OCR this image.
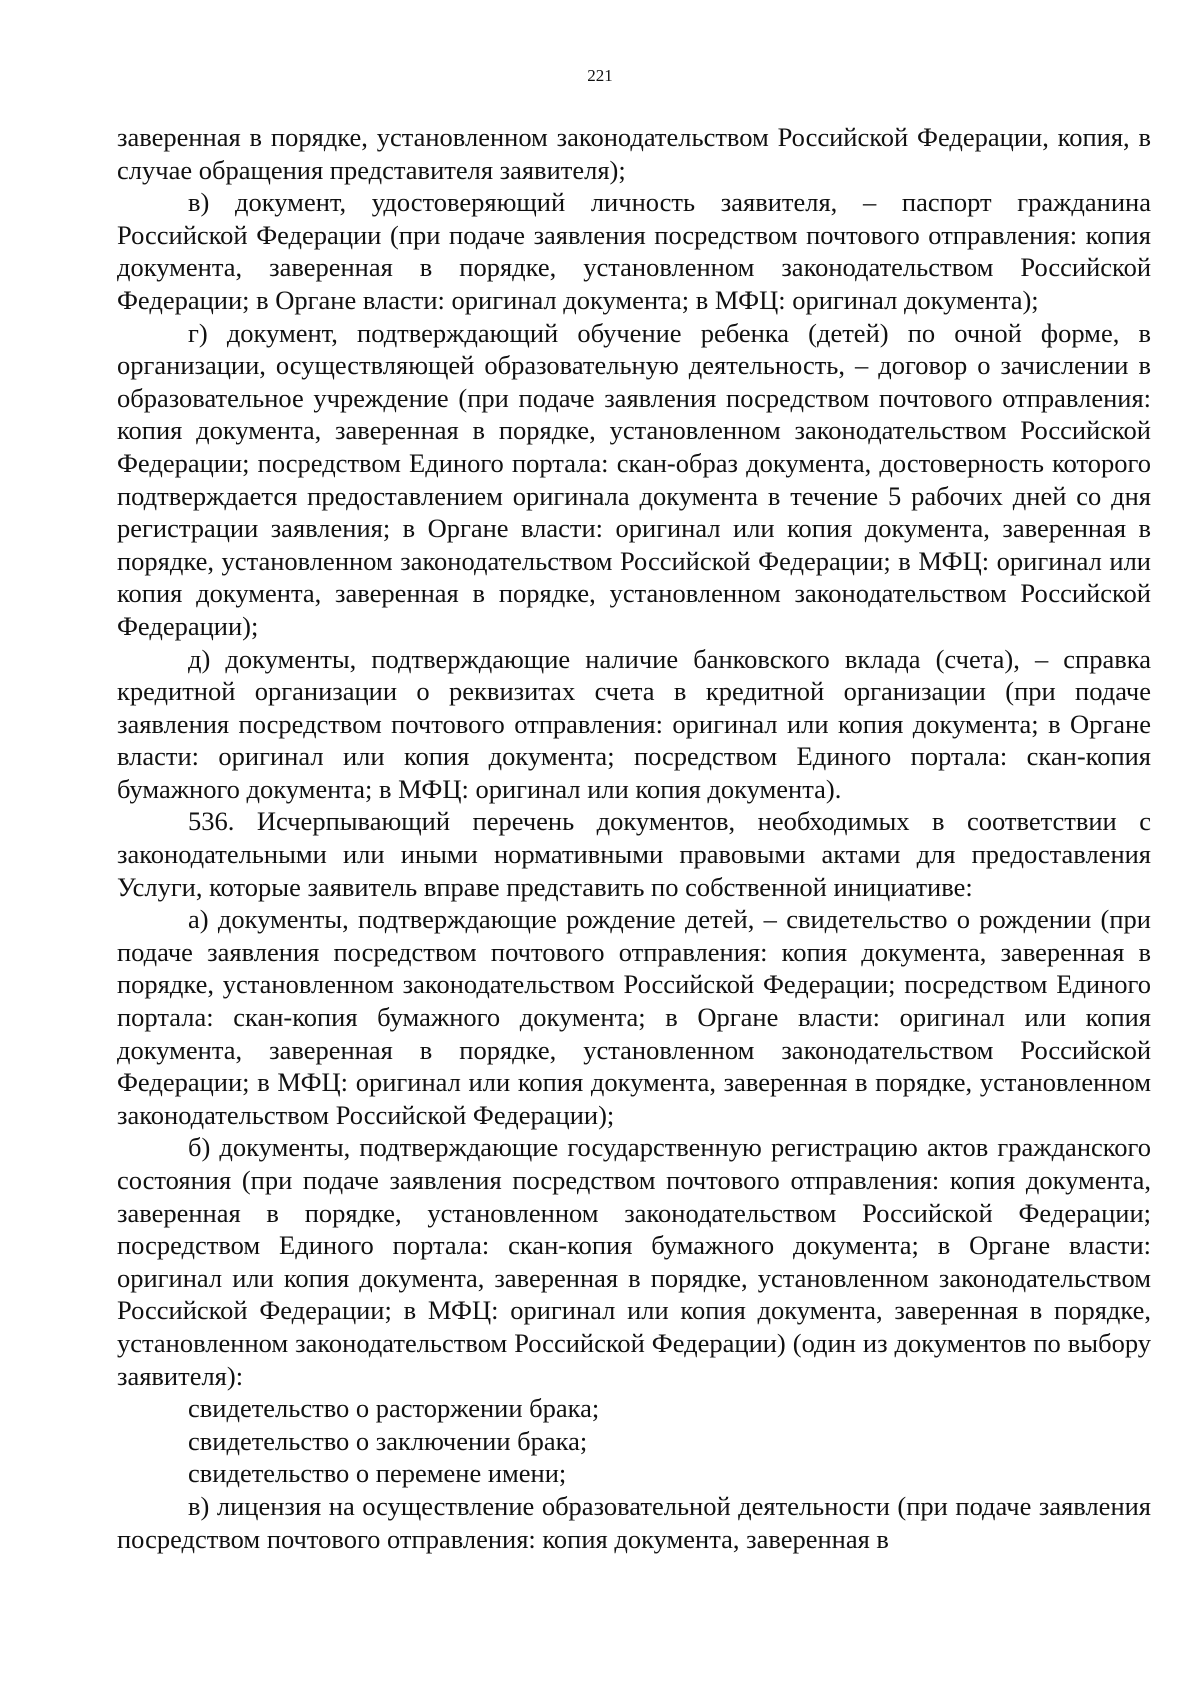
221

заверенная в порядке, установленном законодательством Российской Федерации, копия, в случае обращения представителя заявителя);

в) документ, удостоверяющий личность заявителя, – паспорт гражданина Российской Федерации (при подаче заявления посредством почтового отправления: копия документа, заверенная в порядке, установленном законодательством Российской Федерации; в Органе власти: оригинал документа; в МФЦ: оригинал документа);

г) документ, подтверждающий обучение ребенка (детей) по очной форме, в организации, осуществляющей образовательную деятельность, – договор о зачислении в образовательное учреждение (при подаче заявления посредством почтового отправления: копия документа, заверенная в порядке, установленном законодательством Российской Федерации; посредством Единого портала: скан-образ документа, достоверность которого подтверждается предоставлением оригинала документа в течение 5 рабочих дней со дня регистрации заявления; в Органе власти: оригинал или копия документа, заверенная в порядке, установленном законодательством Российской Федерации; в МФЦ: оригинал или копия документа, заверенная в порядке, установленном законодательством Российской Федерации);

д) документы, подтверждающие наличие банковского вклада (счета), – справка кредитной организации о реквизитах счета в кредитной организации (при подаче заявления посредством почтового отправления: оригинал или копия документа; в Органе власти: оригинал или копия документа; посредством Единого портала: скан-копия бумажного документа; в МФЦ: оригинал или копия документа).

536. Исчерпывающий перечень документов, необходимых в соответствии с законодательными или иными нормативными правовыми актами для предоставления Услуги, которые заявитель вправе представить по собственной инициативе:

а) документы, подтверждающие рождение детей, – свидетельство о рождении (при подаче заявления посредством почтового отправления: копия документа, заверенная в порядке, установленном законодательством Российской Федерации; посредством Единого портала: скан-копия бумажного документа; в Органе власти: оригинал или копия документа, заверенная в порядке, установленном законодательством Российской Федерации; в МФЦ: оригинал или копия документа, заверенная в порядке, установленном законодательством Российской Федерации);

б) документы, подтверждающие государственную регистрацию актов гражданского состояния (при подаче заявления посредством почтового отправления: копия документа, заверенная в порядке, установленном законодательством Российской Федерации; посредством Единого портала: скан-копия бумажного документа; в Органе власти: оригинал или копия документа, заверенная в порядке, установленном законодательством Российской Федерации; в МФЦ: оригинал или копия документа, заверенная в порядке, установленном законодательством Российской Федерации) (один из документов по выбору заявителя):

свидетельство о расторжении брака;

свидетельство о заключении брака;

свидетельство о перемене имени;

в) лицензия на осуществление образовательной деятельности (при подаче заявления посредством почтового отправления: копия документа, заверенная в
